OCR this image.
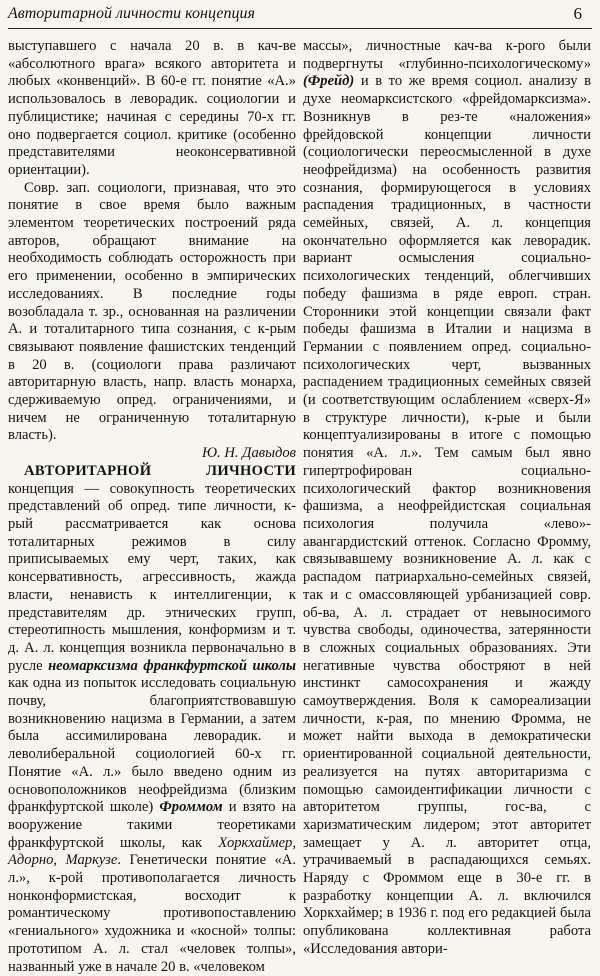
Авторитарной личности концепция	6

выступавшего с начала 20 в. в кач-ве «абсолютного врага» всякого авторитета и любых «конвенций». В 60-е гг. понятие «А.» использовалось в леворадик. социологии и публицистике; начиная с середины 70-х гг. оно подвергается социол. критике (особенно представителями неоконсервативной ориентации).

Совр. зап. социологи, признавая, что это понятие в свое время было важным элементом теоретических построений ряда авторов, обращают внимание на необходимость соблюдать осторожность при его применении, особенно в эмпирических исследованиях. В последние годы возобладала т. зр., основанная на различении А. и тоталитарного типа сознания, с к-рым связывают появление фашистских тенденций в 20 в. (социологи права различают авторитарную власть, напр. власть монарха, сдерживаемую опред. ограничениями, и ничем не ограниченную тоталитарную власть).

Ю. Н. Давыдов

АВТОРИТАРНОЙ ЛИЧНОСТИ концепция — совокупность теоретических представлений об опред. типе личности, к-рый рассматривается как основа тоталитарных режимов в силу приписываемых ему черт, таких, как консервативность, агрессивность, жажда власти, ненависть к интеллигенции, к представителям др. этнических групп, стереотипность мышления, конформизм и т. д. А. л. концепция возникла первоначально в русле неомарксизма франкфуртской школы как одна из попыток исследовать социальную почву, благоприятствовавшую возникновению нацизма в Германии, а затем была ассимилирована леворадик. и леволиберальной социологией 60-х гг. Понятие «А. л.» было введено одним из основоположников неофрейдизма (близким франкфуртской школе) Фроммом и взято на вооружение такими теоретиками франкфуртской школы, как Хоркхаймер, Адорно, Маркузе. Генетически понятие «А. л.», к-рой противополагается личность нонконформистская, восходит к романтическому противопоставлению «гениального» художника и «косной» толпы: прототипом А. л. стал «человек толпы», названный уже в начале 20 в. «человеком

массы», личностные кач-ва к-рого были подвергнуты «глубинно-психологическому» (Фрейд) и в то же время социол. анализу в духе неомарксистского «фрейдомарксизма». Возникнув в рез-те «наложения» фрейдовской концепции личности (социологически переосмысленной в духе неофрейдизма) на особенность развития сознания, формирующегося в условиях распадения традиционных, в частности семейных, связей, А. л. концепция окончательно оформляется как леворадик. вариант осмысления социально-психологических тенденций, облегчивших победу фашизма в ряде европ. стран. Сторонники этой концепции связали факт победы фашизма в Италии и нацизма в Германии с появлением опред. социально-психологических черт, вызванных распадением традиционных семейных связей (и соответствующим ослаблением «сверх-Я» в структуре личности), к-рые и были концептуализированы в итоге с помощью понятия «А. л.». Тем самым был явно гипертрофирован социально-психологический фактор возникновения фашизма, а неофрейдистская социальная психология получила «лево»-авангардистский оттенок. Согласно Фромму, связывавшему возникновение А. л. как с распадом патриархально-семейных связей, так и с омассовляющей урбанизацией совр. об-ва, А. л. страдает от невыносимого чувства свободы, одиночества, затерянности в сложных социальных образованиях. Эти негативные чувства обостряют в ней инстинкт самосохранения и жажду самоутверждения. Воля к самореализации личности, к-рая, по мнению Фромма, не может найти выхода в демократически ориентированной социальной деятельности, реализуется на путях авторитаризма с помощью самоидентификации личности с авторитетом группы, гос-ва, с харизматическим лидером; этот авторитет замещает у А. л. авторитет отца, утрачиваемый в распадающихся семьях. Наряду с Фроммом еще в 30-е гг. в разработку концепции А. л. включился Хоркхаймер; в 1936 г. под его редакцией была опубликована коллективная работа «Исследования автори-
